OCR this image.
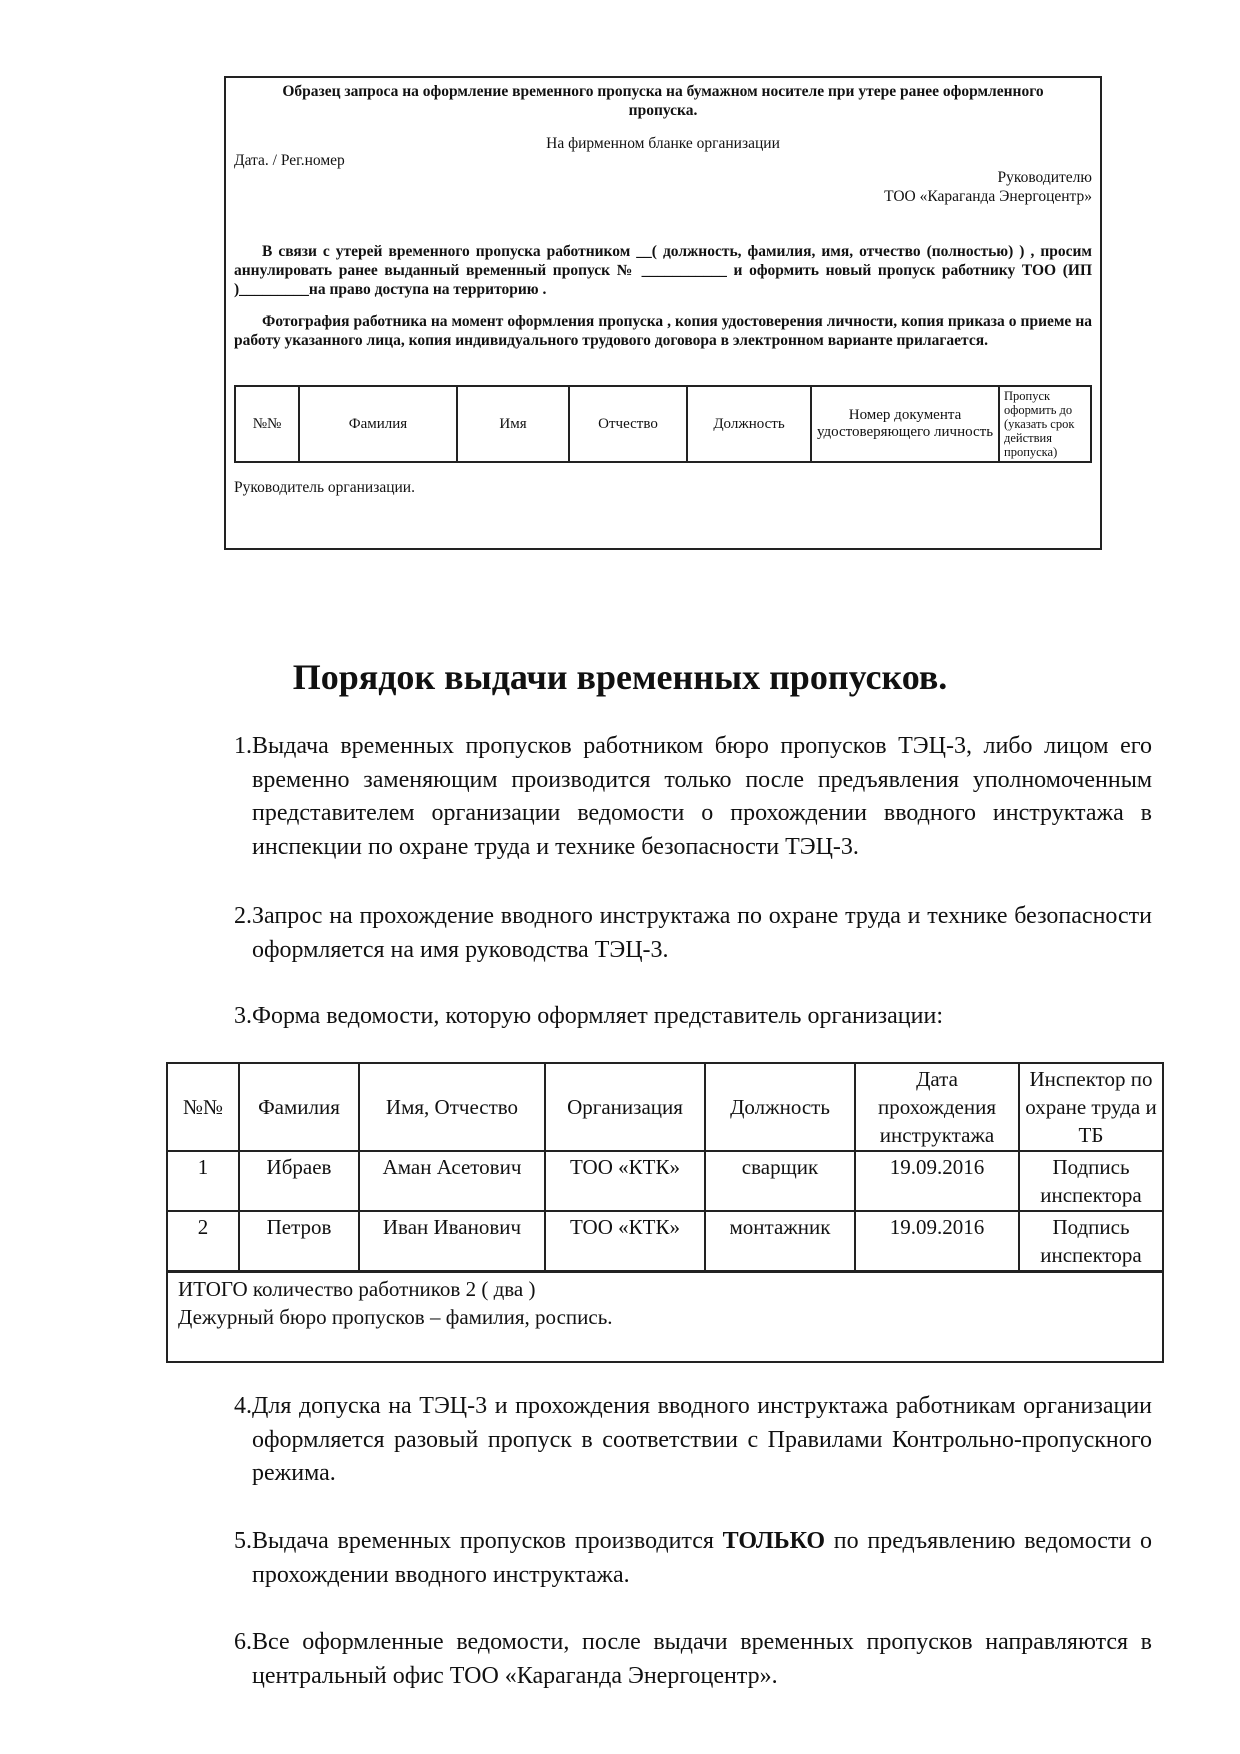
Образец запроса на оформление временного пропуска на бумажном носителе при утере ранее оформленного пропуска.
На фирменном бланке организации
Дата. / Рег.номер
Руководителю
ТОО «Караганда Энергоцентр»
В связи с утерей временного пропуска работником __( должность, фамилия, имя, отчество (полностью) ) , просим аннулировать ранее выданный временный пропуск № ___________ и оформить новый пропуск работнику ТОО (ИП )_________на право доступа на территорию .
Фотография работника на момент оформления пропуска , копия удостоверения личности, копия приказа о приеме на работу указанного лица, копия индивидуального трудового договора в электронном варианте прилагается.
№№	Фамилия	Имя	Отчество	Должность	Номер документа удостоверяющего личность	Пропуск оформить до (указать срок действия пропуска)
Руководитель организации.
Порядок выдачи временных пропусков.
1. Выдача временных пропусков работником бюро пропусков ТЭЦ-3, либо лицом его временно заменяющим производится только после предъявления уполномоченным представителем организации ведомости о прохождении вводного инструктажа в инспекции по охране труда и технике безопасности ТЭЦ-3.
2. Запрос на прохождение вводного инструктажа по охране труда и технике безопасности оформляется на имя руководства ТЭЦ-3.
3. Форма ведомости, которую оформляет представитель организации:
№№	Фамилия	Имя, Отчество	Организация	Должность	Дата прохождения инструктажа	Инспектор по охране труда и ТБ
1	Ибраев	Аман Асетович	ТОО «КТК»	сварщик	19.09.2016	Подпись инспектора
2	Петров	Иван Иванович	ТОО «КТК»	монтажник	19.09.2016	Подпись инспектора

ИТОГО количество работников 2 ( два )
Дежурный бюро пропусков – фамилия, роспись.						
4. Для допуска на ТЭЦ-3 и прохождения вводного инструктажа работникам организации оформляется разовый пропуск в соответствии с Правилами Контрольно-пропускного режима.
5. Выдача временных пропусков производится ТОЛЬКО по предъявлению ведомости о прохождении вводного инструктажа.
6. Все оформленные ведомости, после выдачи временных пропусков направляются в центральный офис ТОО «Караганда Энергоцентр».
